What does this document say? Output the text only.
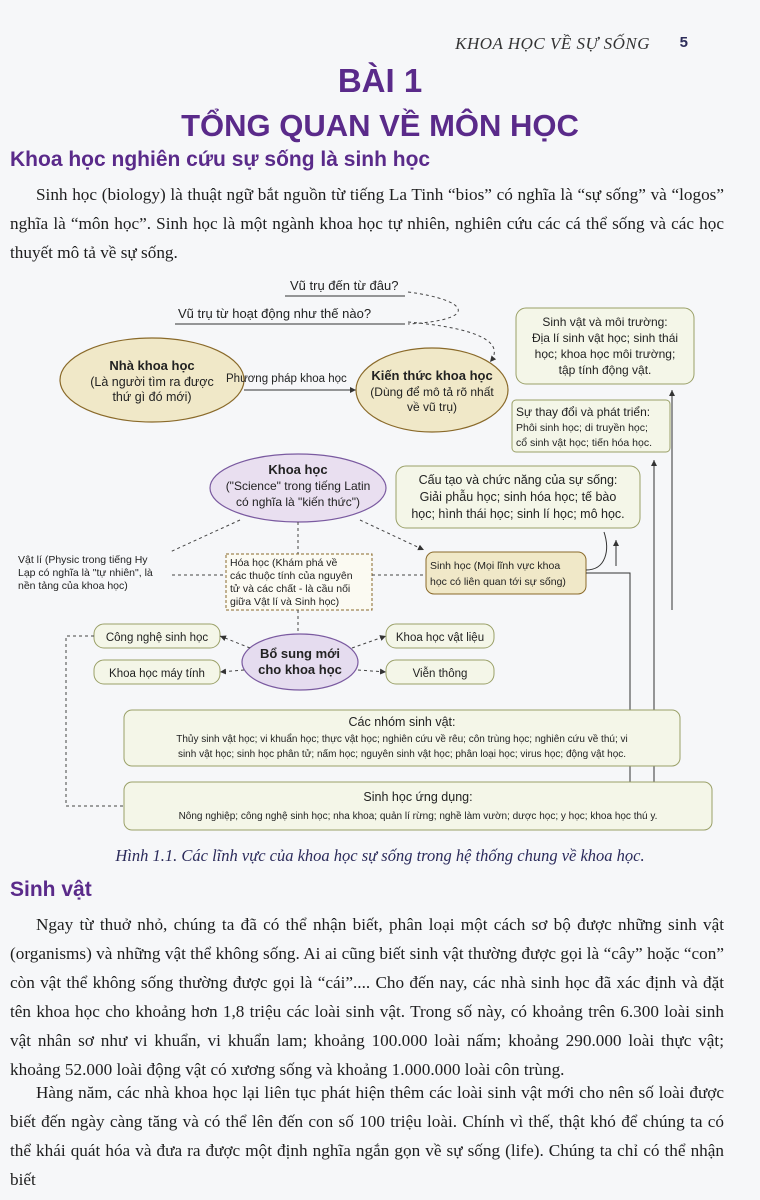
KHOA HỌC VỀ SỰ SỐNG 5
BÀI 1
TỔNG QUAN VỀ MÔN HỌC
Khoa học nghiên cứu sự sống là sinh học

Sinh học (biology) là thuật ngữ bắt nguồn từ tiếng La Tinh “bios” có nghĩa là “sự sống” và “logos” nghĩa là “môn học”. Sinh học là một ngành khoa học tự nhiên, nghiên cứu các cá thể sống và các học thuyết mô tả về sự sống.

Vũ trụ đến từ đâu?
Vũ trụ từ hoạt động như thế nào?
Nhà khoa học
(Là người tìm ra được
thứ gì đó mới)
Phương pháp khoa học Kiến thức khoa học
(Dùng để mô tả rõ nhất
về vũ trụ)
Sinh vật và môi trường:
Địa lí sinh vật học; sinh thái
học; khoa học môi trường;
tập tính động vật.
Sự thay đổi và phát triển:
Phôi sinh học; di truyền học;
cổ sinh vật học; tiến hóa học.
Khoa học
("Science" trong tiếng Latin
có nghĩa là "kiến thức")
Cấu tạo và chức năng của sự sống:
Giải phẫu học; sinh hóa học; tế bào
học; hình thái học; sinh lí học; mô học.
Vật lí (Physic trong tiếng Hy
Lạp có nghĩa là "tự nhiên", là
nền tảng của khoa học)
Hóa học (Khám phá về
các thuộc tính của nguyên
tử và các chất - là cầu nối
giữa Vật lí và Sinh học)
Sinh học (Mọi lĩnh vực khoa
học có liên quan tới sự sống)
Công nghệ sinh học
Khoa học máy tính
Bổ sung mới
cho khoa học
Khoa học vật liệu
Viễn thông
Các nhóm sinh vật:
Thủy sinh vật học; vi khuẩn học; thực vật học; nghiên cứu về rêu; côn trùng học; nghiên cứu về thú; vi
sinh vật học; sinh học phân tử; nấm học; nguyên sinh vật học; phân loại học; virus học; động vật học.
Sinh học ứng dụng:
Nông nghiệp; công nghệ sinh học; nha khoa; quản lí rừng; nghề làm vườn; dược học; y học; khoa học thú y.
Hình 1.1. Các lĩnh vực của khoa học sự sống trong hệ thống chung về khoa học.
Sinh vật

Ngay từ thuở nhỏ, chúng ta đã có thể nhận biết, phân loại một cách sơ bộ được những sinh vật (organisms) và những vật thể không sống. Ai ai cũng biết sinh vật thường được gọi là “cây” hoặc “con” còn vật thể không sống thường được gọi là “cái”.... Cho đến nay, các nhà sinh học đã xác định và đặt tên khoa học cho khoảng hơn 1,8 triệu các loài sinh vật. Trong số này, có khoảng trên 6.300 loài sinh vật nhân sơ như vi khuẩn, vi khuẩn lam; khoảng 100.000 loài nấm; khoảng 290.000 loài thực vật; khoảng 52.000 loài động vật có xương sống và khoảng 1.000.000 loài côn trùng.

Hàng năm, các nhà khoa học lại liên tục phát hiện thêm các loài sinh vật mới cho nên số loài được biết đến ngày càng tăng và có thể lên đến con số 100 triệu loài. Chính vì thế, thật khó để chúng ta có thể khái quát hóa và đưa ra được một định nghĩa ngắn gọn về sự sống (life). Chúng ta chỉ có thể nhận biết
